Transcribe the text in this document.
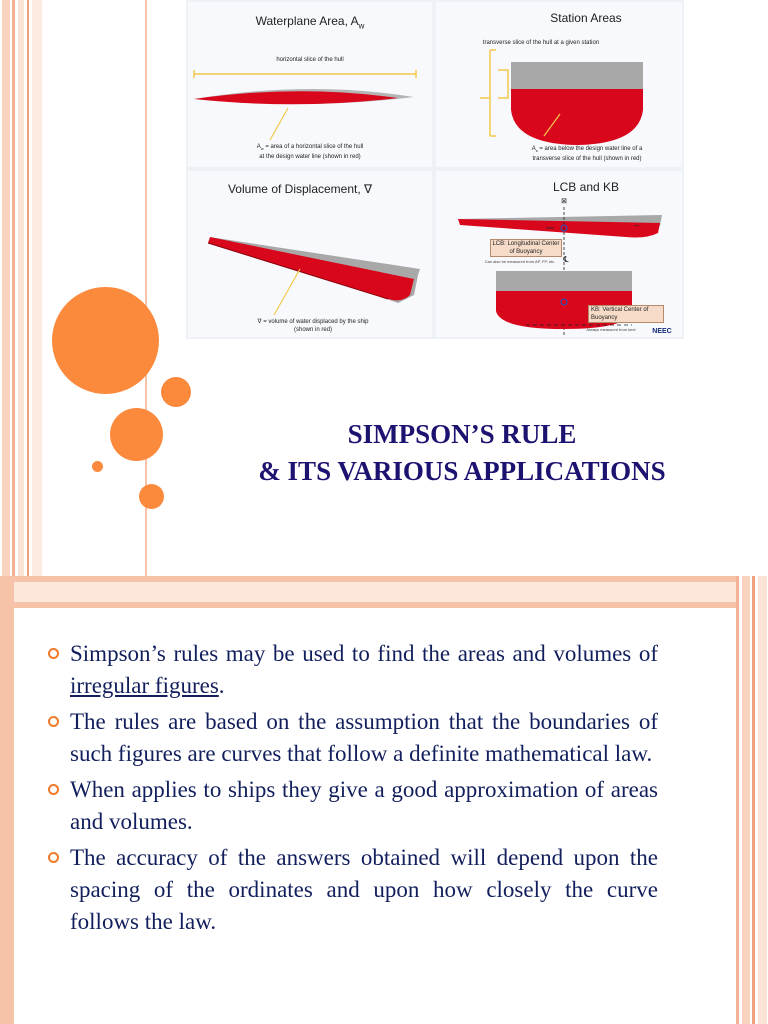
Waterplane Area, $A_w$
horizontal slice of the hull
$A_w$ = area of a horizontal slice of the hull
at the design water line (shown in red)
Station Areas
transverse slice of the hull at a given station
$A_s$ = area below the design water line of a
transverse slice of the hull (shown in red)
Volume of Displacement, ∇
∇ = volume of water displaced by the ship
(shown in red)
LCB and KB
⊠
←
LCB: Longitudinal Center
of Buoyancy
Can also be measured from AP, FP, etc.	℄
KB: Vertical Center of
Buoyancy
Always measured from keel	NEEC
SIMPSON’S RULE
& ITS VARIOUS APPLICATIONS
Simpson’s rules may be used to find the areas and volumes of irregular figures.
The rules are based on the assumption that the boundaries of such figures are curves that follow a definite mathematical law.
When applies to ships they give a good approximation of areas and volumes.
The accuracy of the answers obtained will depend upon the spacing of the ordinates and upon how closely the curve follows the law.
